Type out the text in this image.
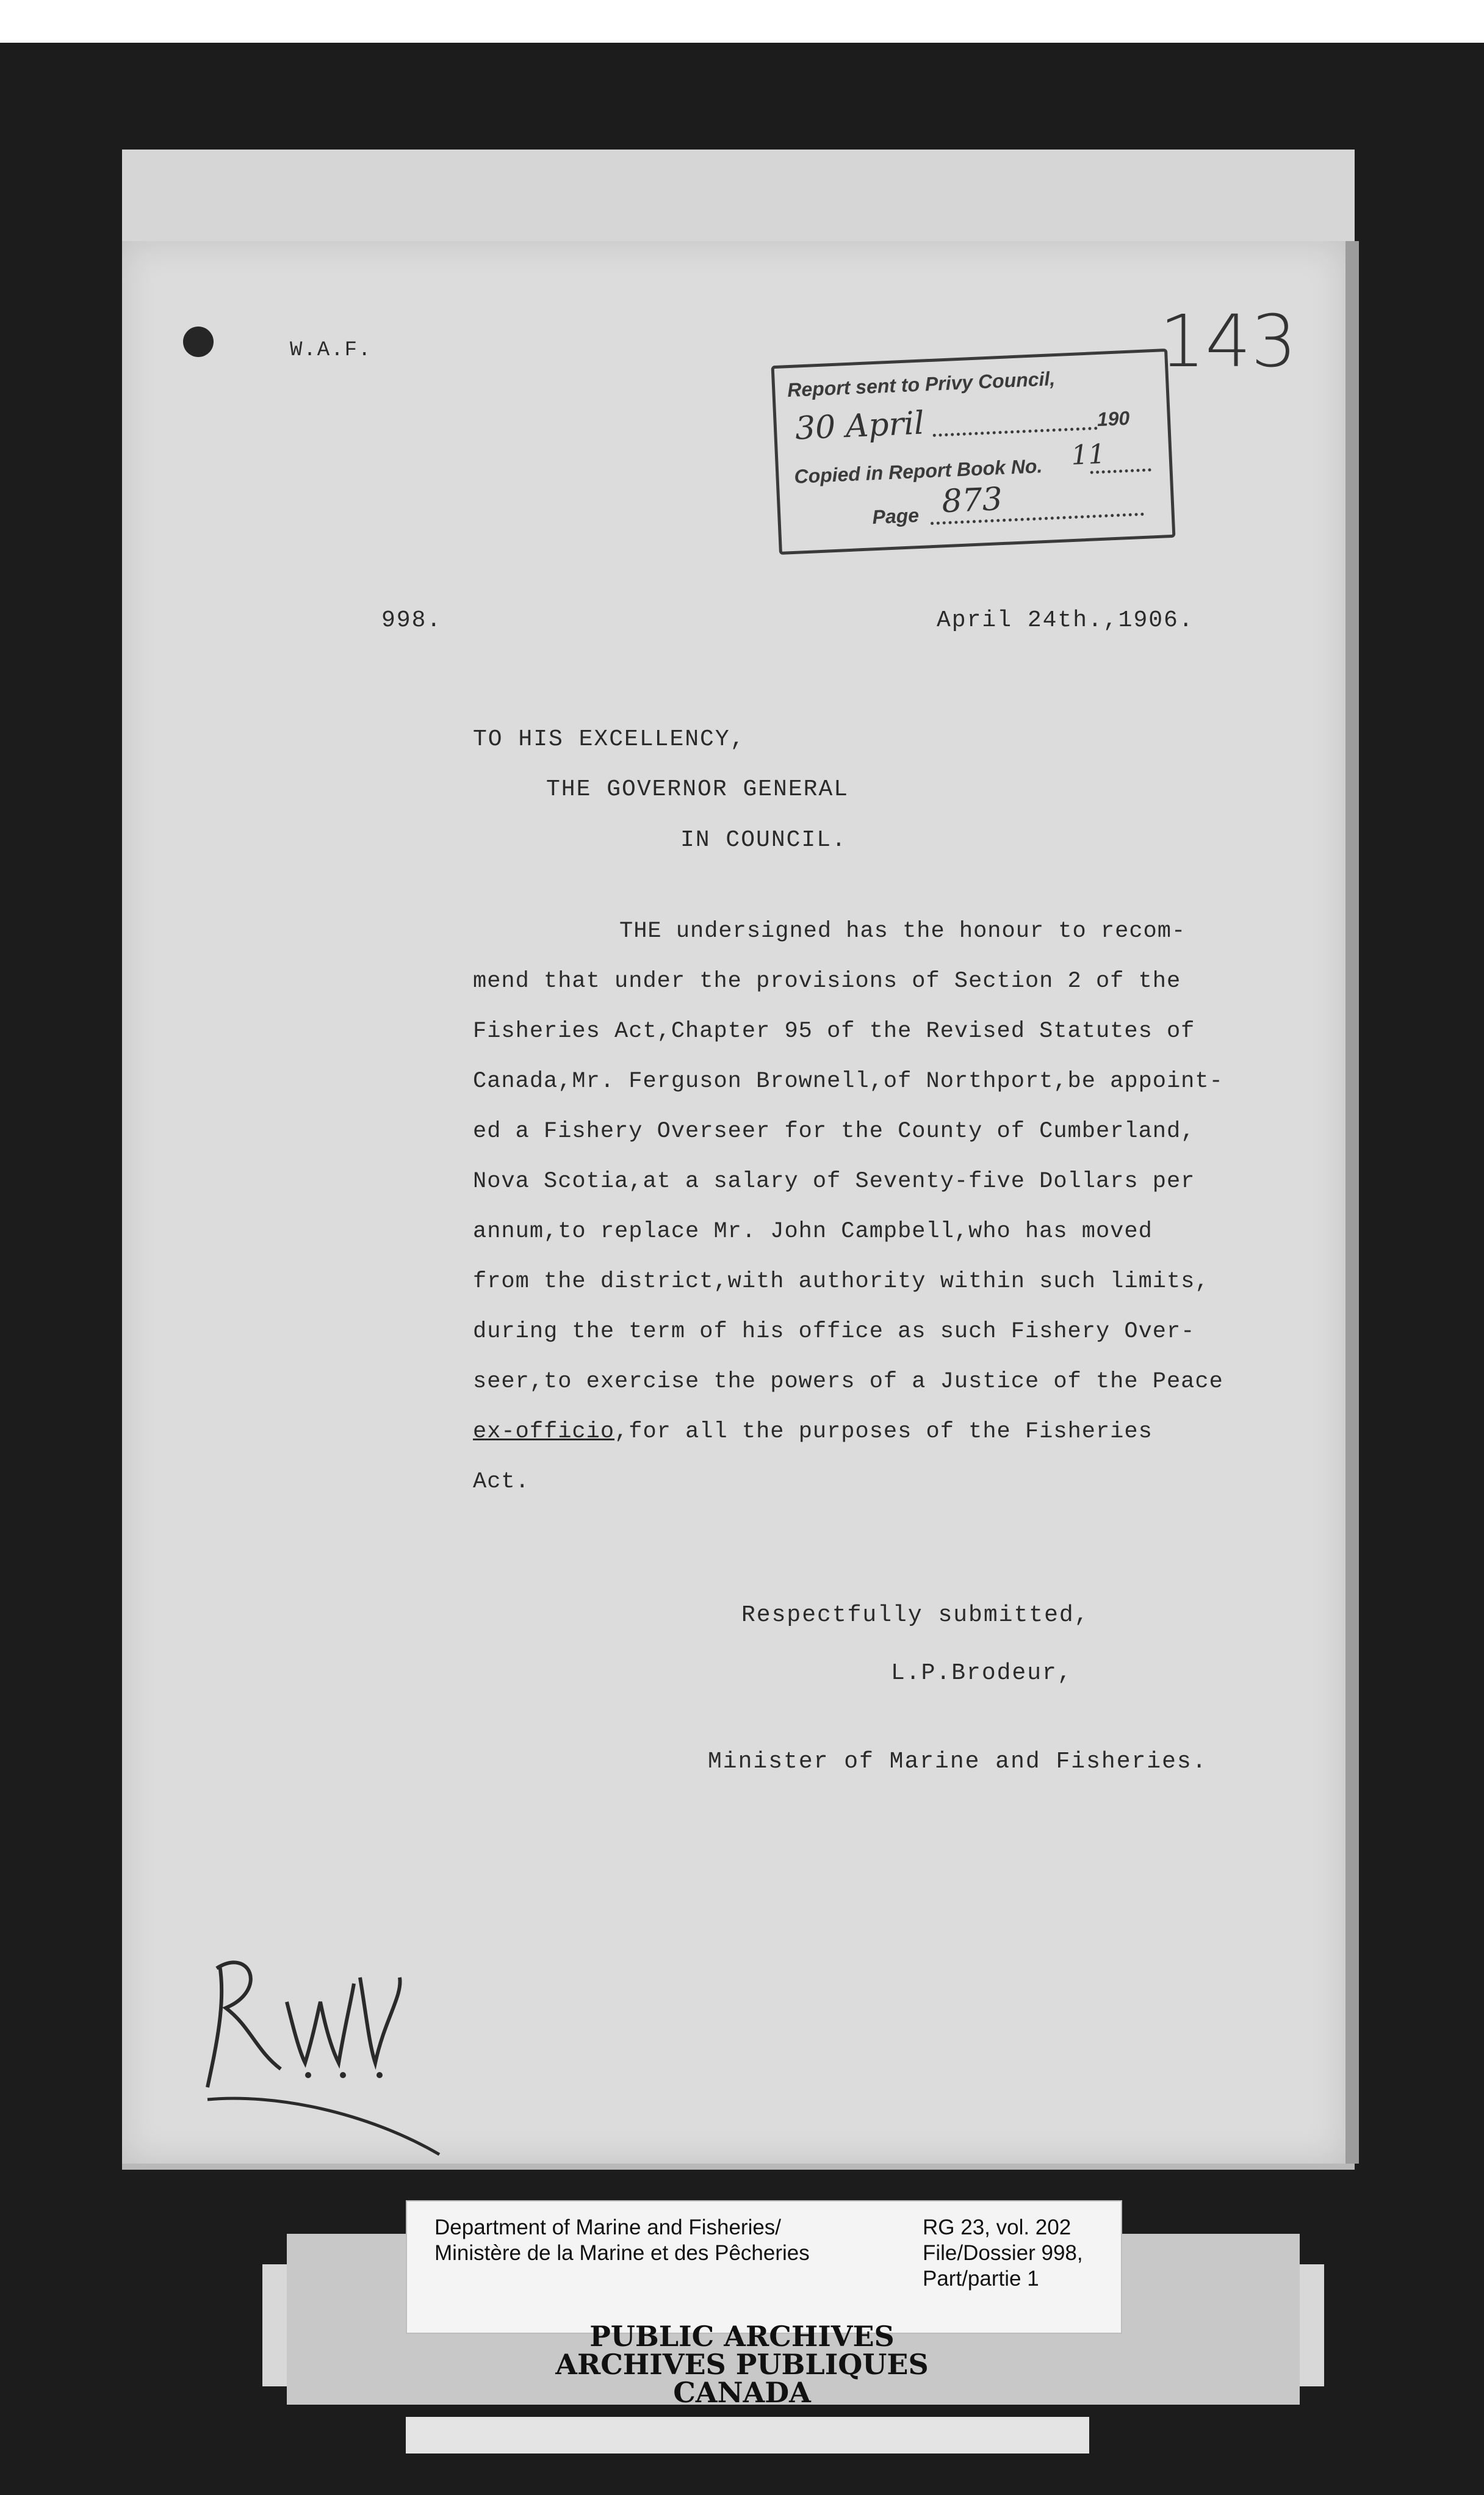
W.A.F.	143
Report sent to Privy Council,
30 April	190
Copied in Report Book No. 11
Page 873
998.	April 24th.,1906.
TO HIS EXCELLENCY,
THE GOVERNOR GENERAL
IN COUNCIL.
THE undersigned has the honour to recom-
mend that under the provisions of Section 2 of the
Fisheries Act,Chapter 95 of the Revised Statutes of
Canada,Mr. Ferguson Brownell,of Northport,be appoint-
ed a Fishery Overseer for the County of Cumberland,
Nova Scotia,at a salary of Seventy-five Dollars per
annum,to replace Mr. John Campbell,who has moved
from the district,with authority within such limits,
during the term of his office as such Fishery Over-
seer,to exercise the powers of a Justice of the Peace
ex-officio,for all the purposes of the Fisheries
Act.
Respectfully submitted,
L.P.Brodeur,
Minister of Marine and Fisheries.
Department of Marine and Fisheries/
Ministère de la Marine et des Pêcheries
RG 23, vol. 202
File/Dossier 998,
Part/partie 1
PUBLIC ARCHIVES
ARCHIVES PUBLIQUES
CANADA
